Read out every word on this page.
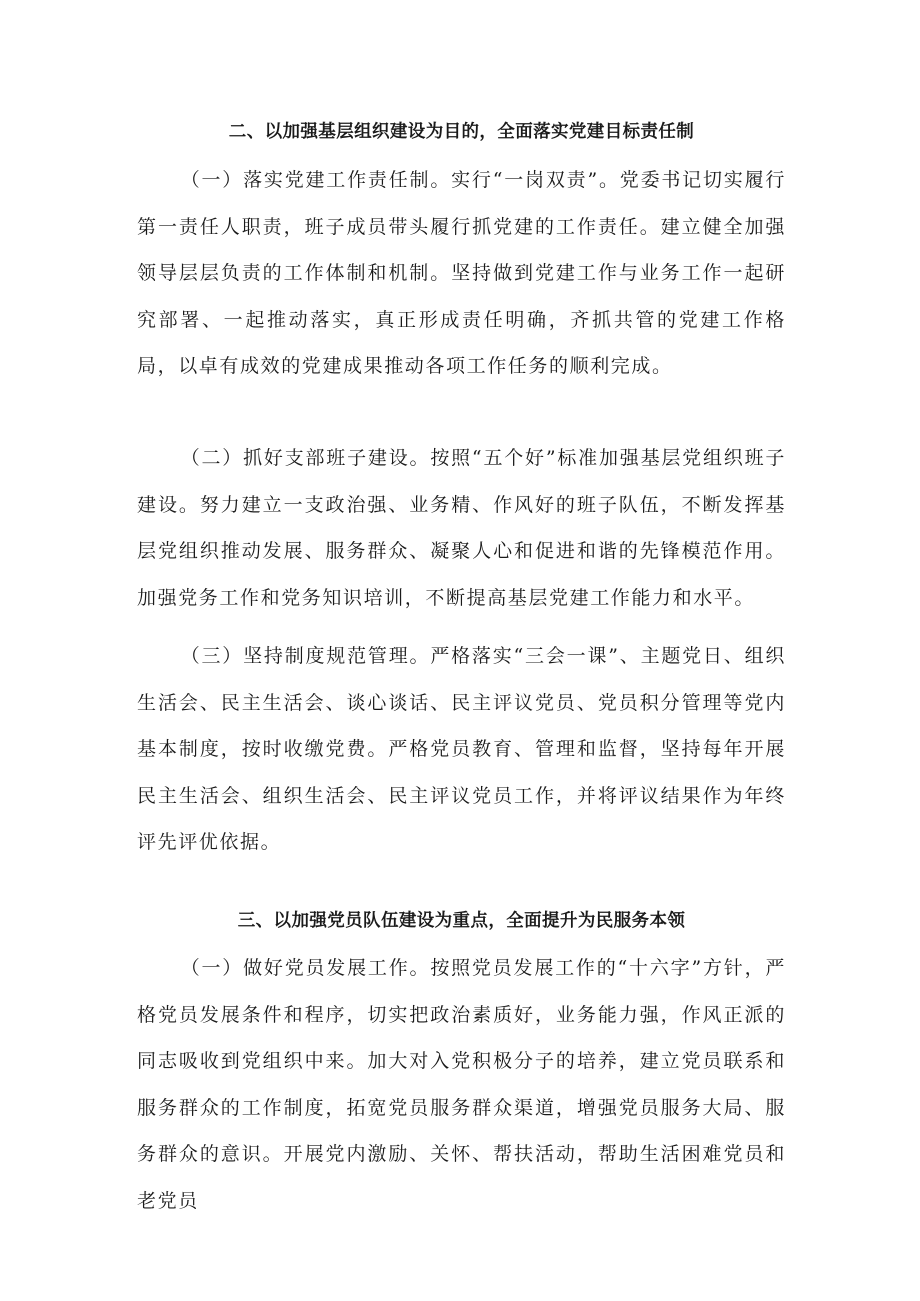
二、以加强基层组织建设为目的，全面落实党建目标责任制

（一）落实党建工作责任制。实行“一岗双责”。党委书记切实履行第一责任人职责，班子成员带头履行抓党建的工作责任。建立健全加强领导层层负责的工作体制和机制。坚持做到党建工作与业务工作一起研究部署、一起推动落实，真正形成责任明确，齐抓共管的党建工作格局，以卓有成效的党建成果推动各项工作任务的顺利完成。

（二）抓好支部班子建设。按照“五个好”标准加强基层党组织班子建设。努力建立一支政治强、业务精、作风好的班子队伍，不断发挥基层党组织推动发展、服务群众、凝聚人心和促进和谐的先锋模范作用。加强党务工作和党务知识培训，不断提高基层党建工作能力和水平。

（三）坚持制度规范管理。严格落实“三会一课”、主题党日、组织生活会、民主生活会、谈心谈话、民主评议党员、党员积分管理等党内基本制度，按时收缴党费。严格党员教育、管理和监督，坚持每年开展民主生活会、组织生活会、民主评议党员工作，并将评议结果作为年终评先评优依据。

三、以加强党员队伍建设为重点，全面提升为民服务本领

（一）做好党员发展工作。按照党员发展工作的“十六字”方针，严格党员发展条件和程序，切实把政治素质好，业务能力强，作风正派的同志吸收到党组织中来。加大对入党积极分子的培养，建立党员联系和服务群众的工作制度，拓宽党员服务群众渠道，增强党员服务大局、服务群众的意识。开展党内激励、关怀、帮扶活动，帮助生活困难党员和老党员
